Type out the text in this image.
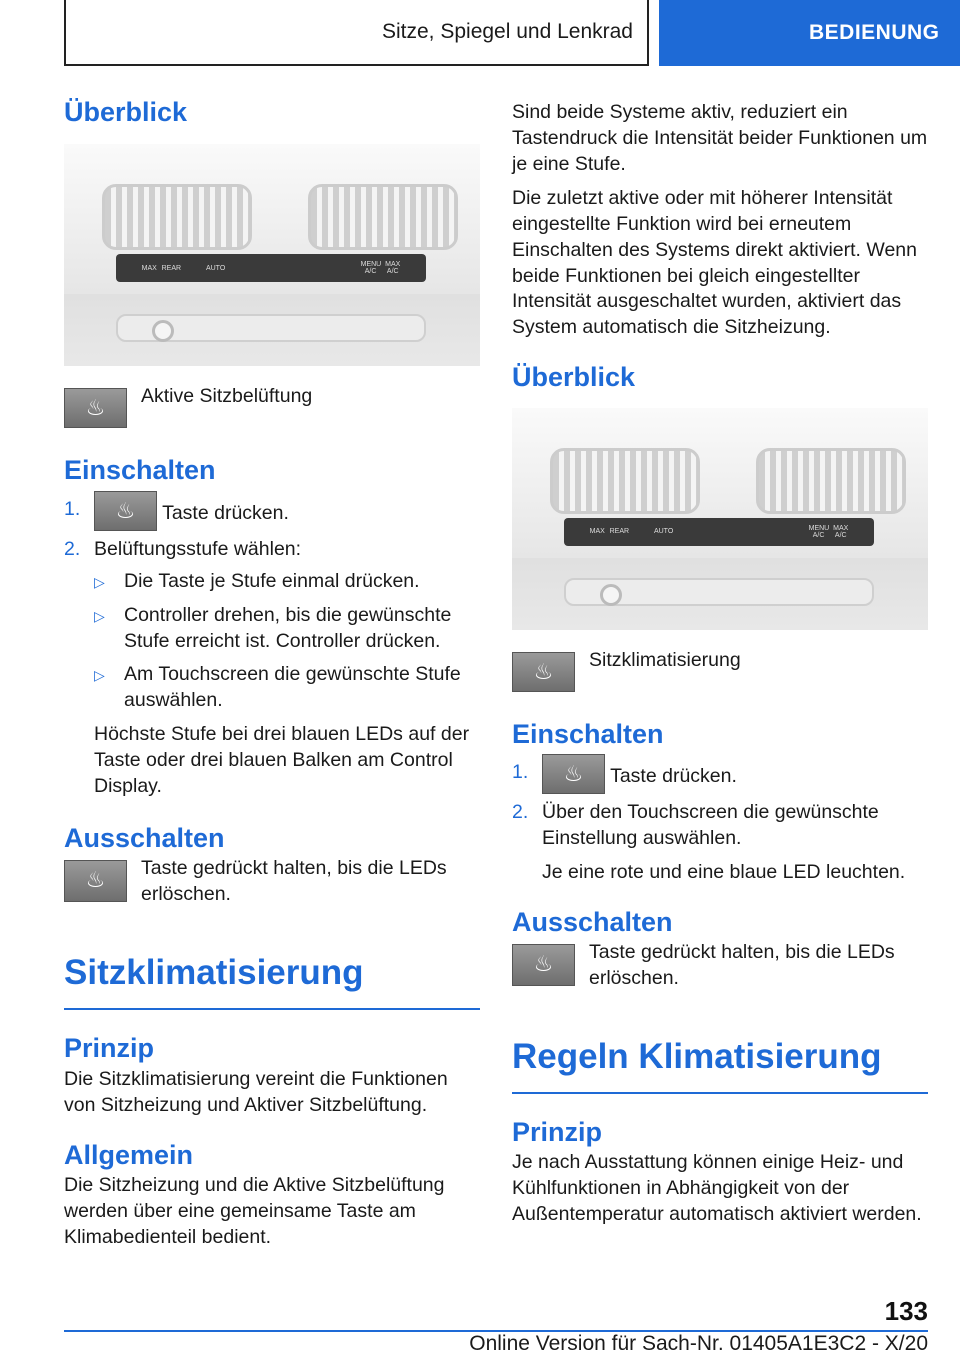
Sitze, Spiegel und Lenkrad	BEDIENUNG
Überblick
MAX REAR	AUTO	MENU A/C
MAX A/C
♨	Aktive Sitzbelüftung
Einschalten
1. ♨ Taste drücken.
2. Belüftungsstufe wählen:
▷ Die Taste je Stufe einmal drücken.
▷ Controller drehen, bis die gewünschte Stufe erreicht ist. Controller drücken.
▷ Am Touchscreen die gewünschte Stufe auswählen.

Höchste Stufe bei drei blauen LEDs auf der Taste oder drei blauen Balken am Control Display.

Ausschalten
♨	Taste gedrückt halten, bis die LEDs erlöschen.
Sitzklimatisierung
Prinzip

Die Sitzklimatisierung vereint die Funktionen von Sitzheizung und Aktiver Sitzbelüftung.

Allgemein

Die Sitzheizung und die Aktive Sitzbelüftung werden über eine gemeinsame Taste am Klimabedienteil bedient.

Sind beide Systeme aktiv, reduziert ein Tastendruck die Intensität beider Funktionen um je eine Stufe.

Die zuletzt aktive oder mit höherer Intensität eingestellte Funktion wird bei erneutem Einschalten des Systems direkt aktiviert. Wenn beide Funktionen bei gleich eingestellter Intensität ausgeschaltet wurden, aktiviert das System automatisch die Sitzheizung.

Überblick
MAX REAR	AUTO	MENU A/C
MAX A/C
♨	Sitzklimatisierung
Einschalten
1. ♨ Taste drücken.
2. Über den Touchscreen die gewünschte Einstellung auswählen.

Je eine rote und eine blaue LED leuchten.

Ausschalten
♨	Taste gedrückt halten, bis die LEDs erlöschen.
Regeln Klimatisierung
Prinzip

Je nach Ausstattung können einige Heiz- und Kühlfunktionen in Abhängigkeit von der Außentemperatur automatisch aktiviert werden.

133
Online Version für Sach-Nr. 01405A1E3C2 - X/20
